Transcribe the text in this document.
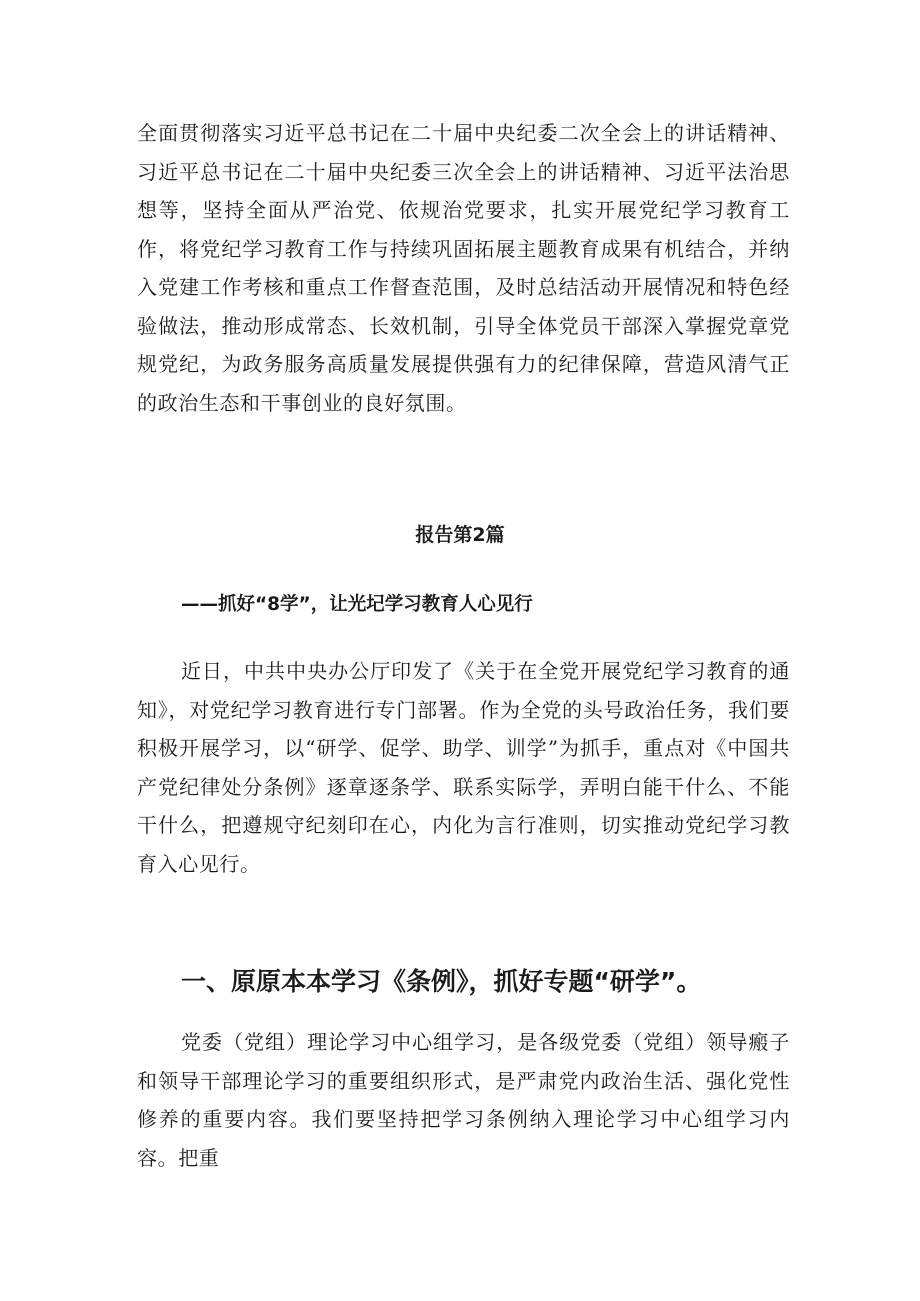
全面贯彻落实习近平总书记在二十届中央纪委二次全会上的讲话精神、习近平总书记在二十届中央纪委三次全会上的讲话精神、习近平法治思想等，坚持全面从严治党、依规治党要求，扎实开展党纪学习教育工作，将党纪学习教育工作与持续巩固拓展主题教育成果有机结合，并纳入党建工作考核和重点工作督查范围，及时总结活动开展情况和特色经验做法，推动形成常态、长效机制，引导全体党员干部深入掌握党章党规党纪，为政务服务高质量发展提供强有力的纪律保障，营造风清气正的政治生态和干事创业的良好氛围。

报告第2篇
——抓好“8学”，让光圮学习教育人心见行

近日，中共中央办公厅印发了《关于在全党开展党纪学习教育的通知》，对党纪学习教育进行专门部署。作为全党的头号政治任务，我们要积极开展学习，以“研学、促学、助学、训学”为抓手，重点对《中国共产党纪律处分条例》逐章逐条学、联系实际学，弄明白能干什么、不能干什么，把遵规守纪刻印在心，内化为言行准则，切实推动党纪学习教育入心见行。

一、原原本本学习《条例》，抓好专题“研学”。

党委（党组）理论学习中心组学习，是各级党委（党组）领导瘢子和领导干部理论学习的重要组织形式，是严肃党内政治生活、强化党性修养的重要内容。我们要坚持把学习条例纳入理论学习中心组学习内容。把重
